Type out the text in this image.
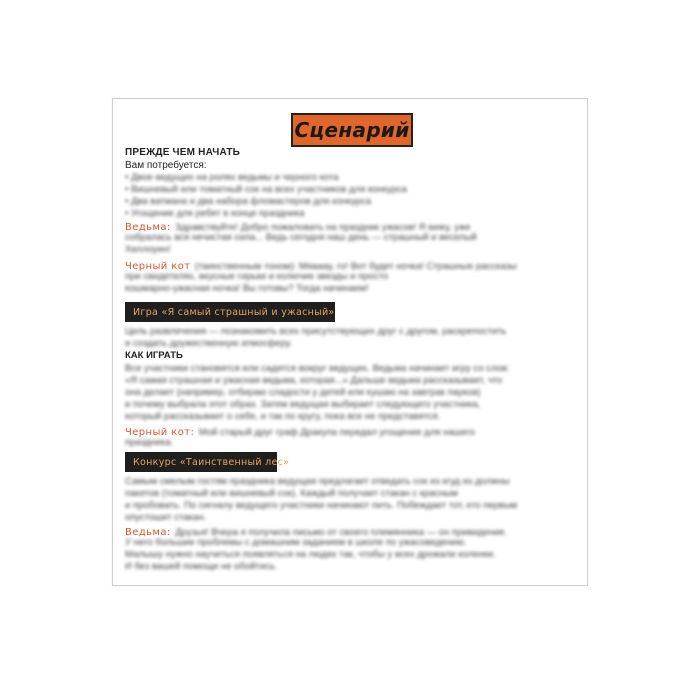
Сценарий
ПРЕЖДЕ ЧЕМ НАЧАТЬ
Вам потребуется:
• Двое ведущих на ролях ведьмы и черного кота
• Вишневый или томатный сок на всех участников для конкурса
• Два ватмана и два набора фломастеров для конкурса
• Угощение для ребят в конце праздника
Ведьма: Здравствуйте! Добро пожаловать на праздник ужасов! Я вижу, уже
собралась вся нечистая сила... Ведь сегодня наш день — страшный и веселый
Хеллоуин!
Черный кот (таинственным тоном): Мяааау, го! Вот будет ночка! Страшные рассказы
при свидетелях, вкусные гирьки и колючие звезды и просто
кошмарно-ужасная ночка! Вы готовы? Тогда начинаем!
Игра «Я самый страшный и ужасный»
Цель развлечения — познакомить всех присутствующих друг с другом, раскрепостить
и создать дружественную атмосферу.
КАК ИГРАТЬ
Все участники становятся или садятся вокруг ведущих. Ведьма начинает игру со слов:
«Я самая страшная и ужасная ведьма, которая...» Дальше ведьма рассказывает, что
она делает (например, отбираю сладости у детей или кушаю на завтрак пауков)
и почему выбрала этот образ. Затем ведущая выбирает следующего участника,
который рассказывает о себе, и так по кругу, пока все не представятся.
Черный кот: Мой старый друг граф Дракула передал угощение для нашего
праздника.
Конкурс «Таинственный лес»
Самым смелым гостям праздника ведущая предлагает отведать сок из кгуд из должны
пакетов (томатный или вишневый сок). Каждый получает стакан с красным
и пробовать. По сигналу ведущего участники начинают пить. Побеждает тот, кто первым
опустошит стакан.
Ведьма: Друзья! Вчера я получила письмо от своего племянника — он привидение.
У него большие проблемы с домашним заданием в школе по ужасоведению.
Малышу нужно научиться появляться на людях так, чтобы у всех дрожали коленки.
И без вашей помощи не обойтись.
